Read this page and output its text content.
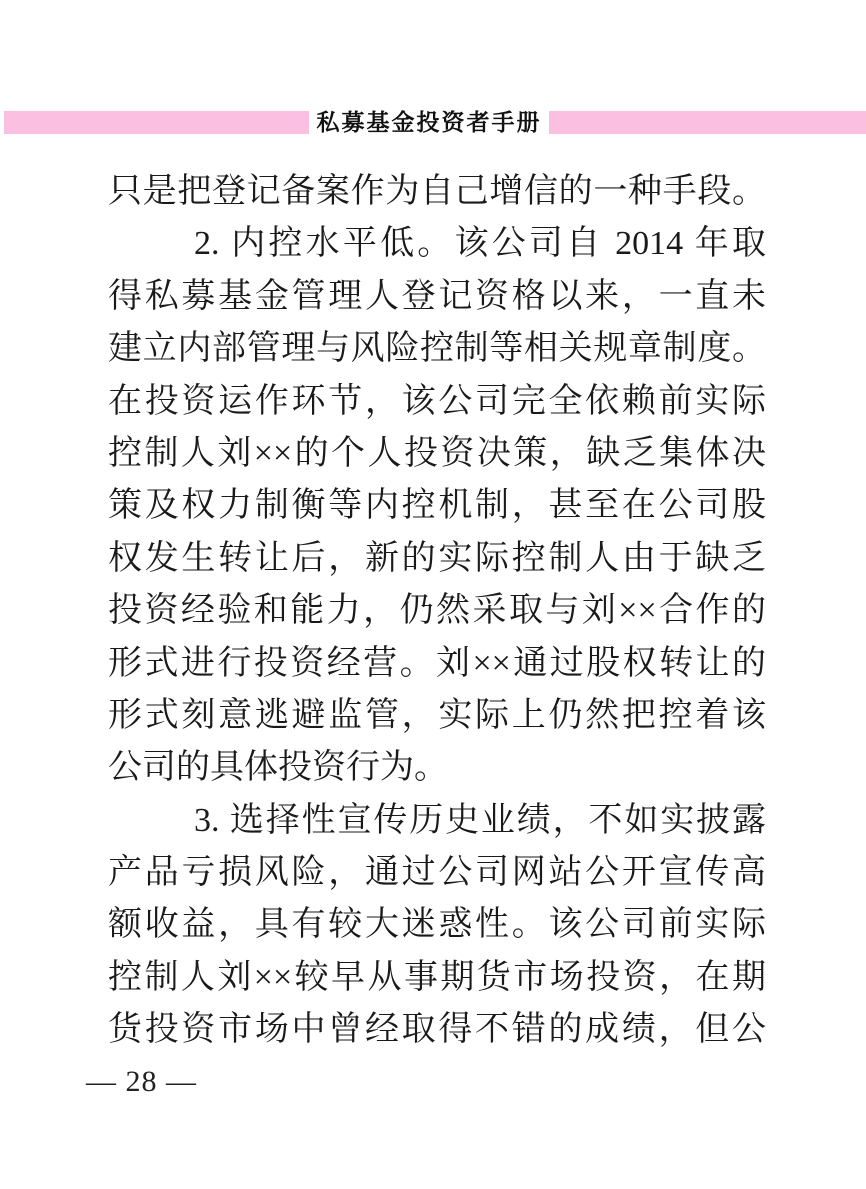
私募基金投资者手册
只是把登记备案作为自己增信的一种手段。
2. 内控水平低。该公司自 2014 年取
得私募基金管理人登记资格以来，一直未
建立内部管理与风险控制等相关规章制度。
在投资运作环节，该公司完全依赖前实际
控制人刘××的个人投资决策，缺乏集体决
策及权力制衡等内控机制，甚至在公司股
权发生转让后，新的实际控制人由于缺乏
投资经验和能力，仍然采取与刘××合作的
形式进行投资经营。刘××通过股权转让的
形式刻意逃避监管，实际上仍然把控着该
公司的具体投资行为。
3. 选择性宣传历史业绩，不如实披露
产品亏损风险，通过公司网站公开宣传高
额收益，具有较大迷惑性。该公司前实际
控制人刘××较早从事期货市场投资，在期
货投资市场中曾经取得不错的成绩，但公
— 28 —
